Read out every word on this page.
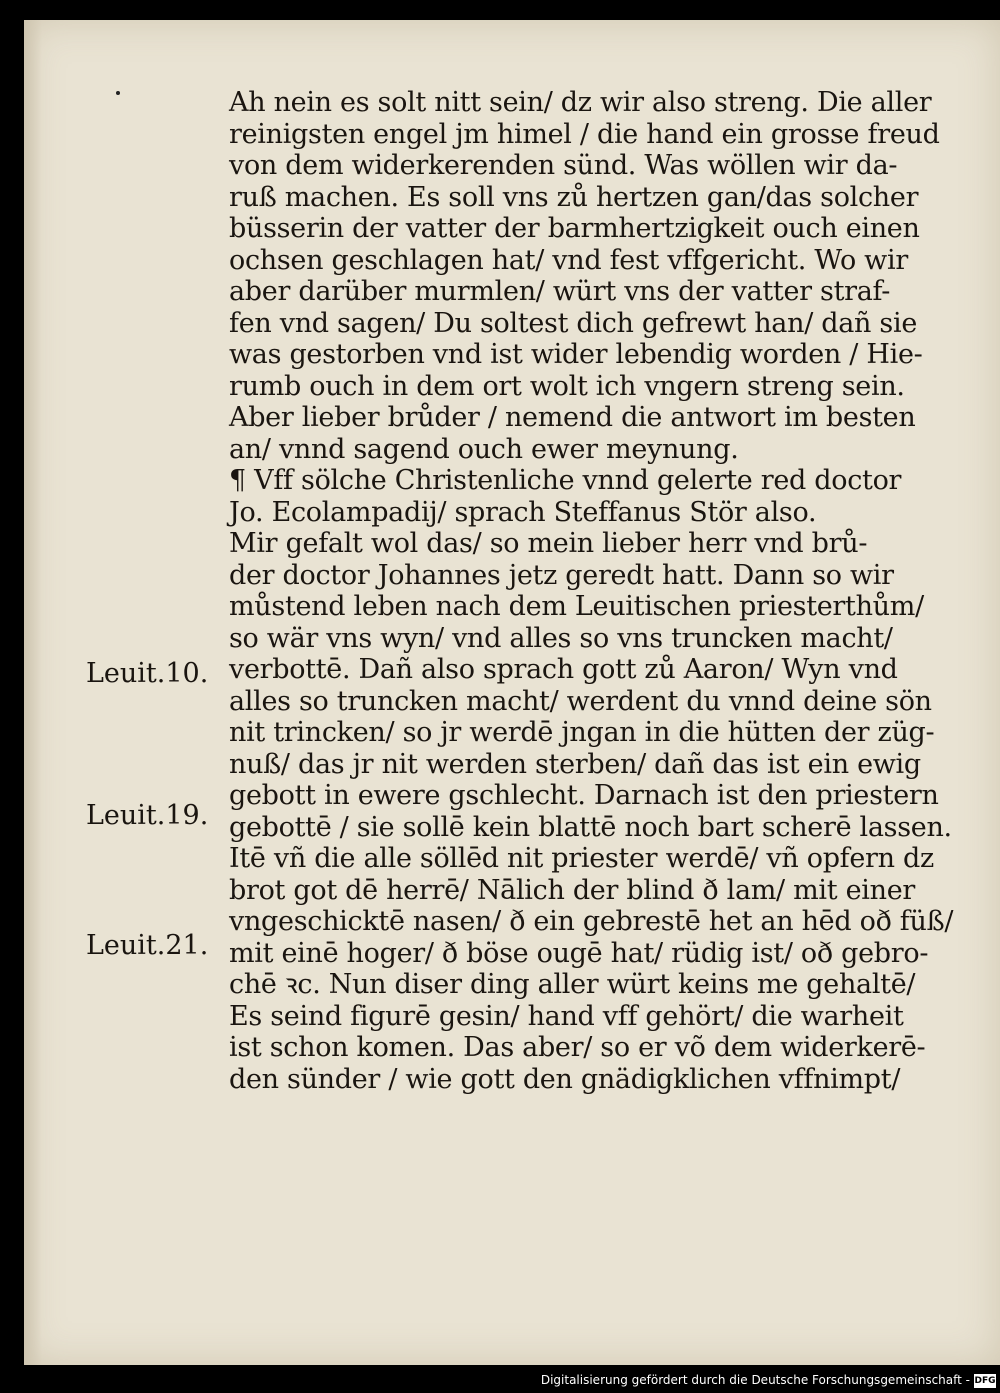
Ah nein es solt nitt sein/ dz wir also streng. Die aller
reinigsten engel jm himel / die hand ein grosse freud
von dem widerkerenden sünd. Was wöllen wir da-
ruß machen. Es soll vns zů hertzen gan/das solcher
büsserin der vatter der barmhertzigkeit ouch einen
ochsen geschlagen hat/ vnd fest vffgericht. Wo wir
aber darüber murmlen/ würt vns der vatter straf-
fen vnd sagen/ Du soltest dich gefrewt han/ dañ sie
was gestorben vnd ist wider lebendig worden / Hie-
rumb ouch in dem ort wolt ich vngern streng sein.
Aber lieber brůder / nemend die antwort im besten
an/ vnnd sagend ouch ewer meynung.
¶ Vff sölche Christenliche vnnd gelerte red doctor
Jo. Ecolampadij/ sprach Steffanus Stör also.
Mir gefalt wol das/ so mein lieber herr vnd brů-
der doctor Johannes jetz geredt hatt. Dann so wir
můstend leben nach dem Leuitischen priesterthům/
so wär vns wyn/ vnd alles so vns truncken macht/
verbottē. Dañ also sprach gott zů Aaron/ Wyn vnd
alles so truncken macht/ werdent du vnnd deine sön
nit trincken/ so jr werdē jngan in die hütten der züg-
nuß/ das jr nit werden sterben/ dañ das ist ein ewig
gebott in ewere gschlecht. Darnach ist den priestern
gebottē / sie sollē kein blattē noch bart scherē lassen.
Itē vñ die alle söllēd nit priester werdē/ vñ opfern dz
brot got dē herrē/ Nālich der blind ð lam/ mit einer
vngeschicktē nasen/ ð ein gebrestē het an hēd oð füß/
mit einē hoger/ ð böse ougē hat/ rüdig ist/ oð gebro-
chē ꝛc. Nun diser ding aller würt keins me gehaltē/
Es seind figurē gesin/ hand vff gehört/ die warheit
ist schon komen. Das aber/ so er võ dem widerkerē-
den sünder / wie gott den gnädigklichen vffnimpt/
Leuit.10.
Leuit.19.
Leuit.21.
Digitalisierung gefördert durch die Deutsche Forschungsgemeinschaft - DFG
